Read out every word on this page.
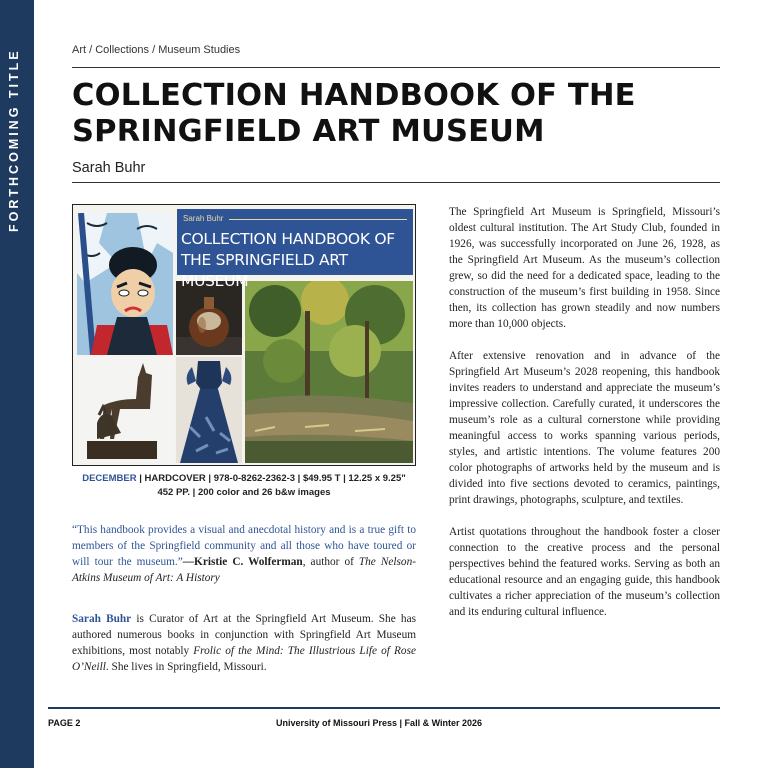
FORTHCOMING TITLE	Art / Collections / Museum Studies
COLLECTION HANDBOOK OF THE SPRINGFIELD ART MUSEUM
Sarah Buhr
Sarah Buhr
COLLECTION HANDBOOK OF THE SPRINGFIELD ART MUSEUM
DECEMBER | HARDCOVER | 978-0-8262-2362-3 | $49.95 T | 12.25 x 9.25"
452 PP. | 200 color and 26 b&w images

“This handbook provides a visual and anecdotal history and is a true gift to members of the Springfield community and all those who have toured or will tour the museum.”—Kristie C. Wolferman, author of The Nelson-Atkins Museum of Art: A History

Sarah Buhr is Curator of Art at the Springfield Art Museum. She has authored numerous books in conjunction with Springfield Art Museum exhibitions, most notably Frolic of the Mind: The Illustrious Life of Rose O’Neill. She lives in Springfield, Missouri.

The Springfield Art Museum is Springfield, Missouri’s oldest cultural institution. The Art Study Club, founded in 1926, was successfully incorporated on June 26, 1928, as the Springfield Art Museum. As the museum’s collection grew, so did the need for a dedicated space, leading to the construction of the museum’s first building in 1958. Since then, its collection has grown steadily and now numbers more than 10,000 objects.

After extensive renovation and in advance of the Springfield Art Museum’s 2028 reopening, this handbook invites readers to understand and appreciate the museum’s impressive collection. Carefully curated, it underscores the museum’s role as a cultural cornerstone while providing meaningful access to works spanning various periods, styles, and artistic intentions. The volume features 200 color photographs of artworks held by the museum and is divided into five sections devoted to ceramics, paintings, print drawings, photographs, sculpture, and textiles.

Artist quotations throughout the handbook foster a closer connection to the creative process and the personal perspectives behind the featured works. Serving as both an educational resource and an engaging guide, this handbook cultivates a richer appreciation of the museum’s collection and its enduring cultural influence.

PAGE 2	University of Missouri Press | Fall & Winter 2026
